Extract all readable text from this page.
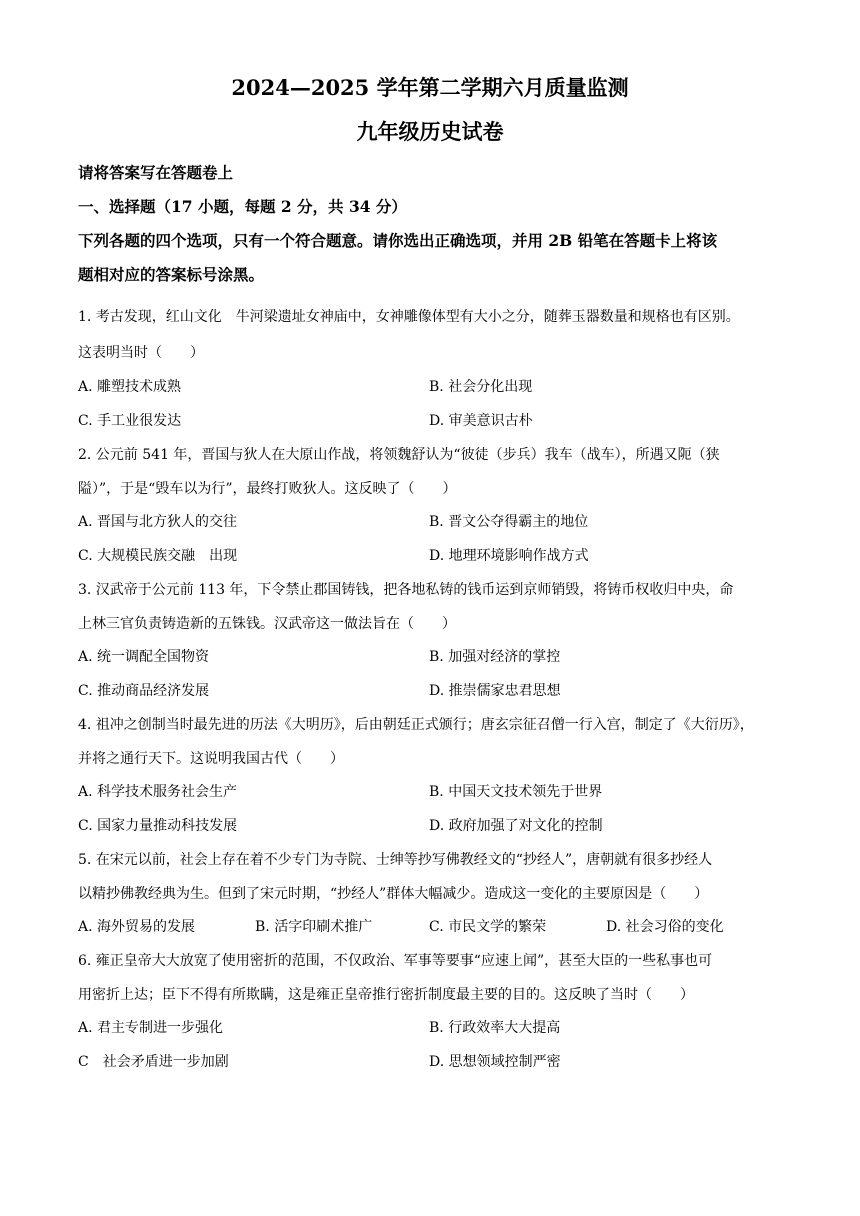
2024—2025 学年第二学期六月质量监测
九年级历史试卷
请将答案写在答题卷上
一、选择题（17 小题，每题 2 分，共 34 分）
下列各题的四个选项，只有一个符合题意。请你选出正确选项，并用 2B 铅笔在答题卡上将该
题相对应的答案标号涂黑。
1. 考古发现，红山文化　牛河梁遗址女神庙中，女神雕像体型有大小之分，随葬玉器数量和规格也有区别。
这表明当时（　　）
A. 雕塑技术成熟	B. 社会分化出现
C. 手工业很发达	D. 审美意识古朴
2. 公元前 541 年，晋国与狄人在大原山作战，将领魏舒认为“彼徒（步兵）我车（战车），所遇又阨（狭
隘）”，于是“毁车以为行”，最终打败狄人。这反映了（　　）
A. 晋国与北方狄人的交往	B. 晋文公夺得霸主的地位
C. 大规模民族交融　出现	D. 地理环境影响作战方式
3. 汉武帝于公元前 113 年，下令禁止郡国铸钱，把各地私铸的钱币运到京师销毁，将铸币权收归中央，命
上林三官负责铸造新的五铢钱。汉武帝这一做法旨在（　　）
A. 统一调配全国物资	B. 加强对经济的掌控
C. 推动商品经济发展	D. 推崇儒家忠君思想
4. 祖冲之创制当时最先进的历法《大明历》，后由朝廷正式颁行；唐玄宗征召僧一行入宫，制定了《大衍历》，
并将之通行天下。这说明我国古代（　　）
A. 科学技术服务社会生产	B. 中国天文技术领先于世界
C. 国家力量推动科技发展	D. 政府加强了对文化的控制
5. 在宋元以前，社会上存在着不少专门为寺院、士绅等抄写佛教经文的“抄经人”，唐朝就有很多抄经人
以精抄佛教经典为生。但到了宋元时期，“抄经人”群体大幅减少。造成这一变化的主要原因是（　　）
A. 海外贸易的发展	B. 活字印刷术推广	C. 市民文学的繁荣	D. 社会习俗的变化
6. 雍正皇帝大大放宽了使用密折的范围，不仅政治、军事等要事“应速上闻”，甚至大臣的一些私事也可
用密折上达；臣下不得有所欺瞒，这是雍正皇帝推行密折制度最主要的目的。这反映了当时（　　）
A. 君主专制进一步强化	B. 行政效率大大提高
C　社会矛盾进一步加剧	D. 思想领域控制严密
